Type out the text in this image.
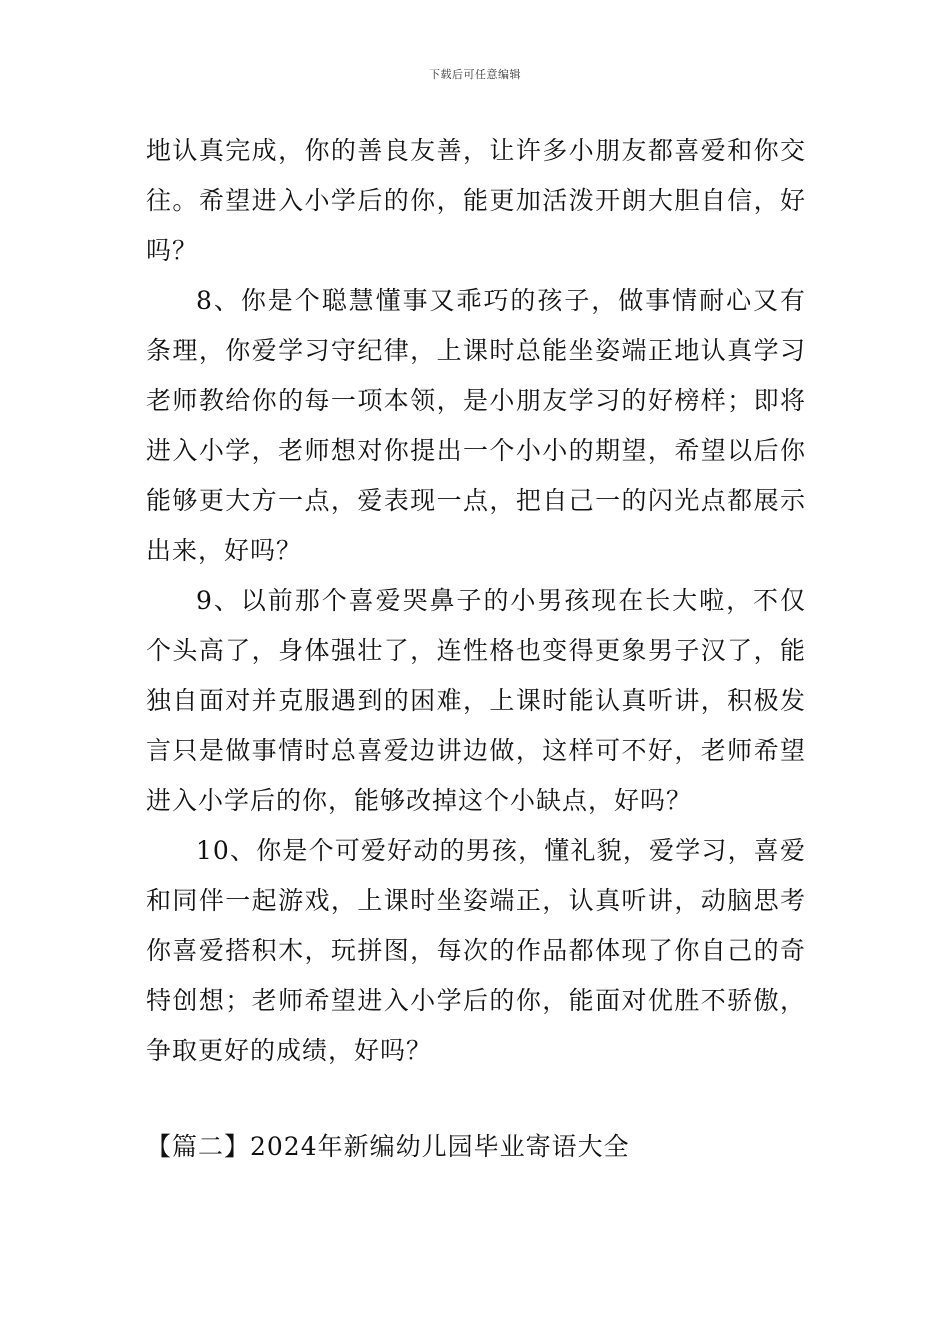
下载后可任意编辑

地认真完成，你的善良友善，让许多小朋友都喜爱和你交往。希望进入小学后的你，能更加活泼开朗大胆自信，好吗？

8、你是个聪慧懂事又乖巧的孩子，做事情耐心又有条理，你爱学习守纪律，上课时总能坐姿端正地认真学习老师教给你的每一项本领，是小朋友学习的好榜样；即将进入小学，老师想对你提出一个小小的期望，希望以后你能够更大方一点，爱表现一点，把自己一的闪光点都展示出来，好吗？

9、以前那个喜爱哭鼻子的小男孩现在长大啦，不仅个头高了，身体强壮了，连性格也变得更象男子汉了，能独自面对并克服遇到的困难，上课时能认真听讲，积极发言只是做事情时总喜爱边讲边做，这样可不好，老师希望进入小学后的你，能够改掉这个小缺点，好吗？

10、你是个可爱好动的男孩，懂礼貌，爱学习，喜爱和同伴一起游戏，上课时坐姿端正，认真听讲，动脑思考你喜爱搭积木，玩拼图，每次的作品都体现了你自己的奇特创想；老师希望进入小学后的你，能面对优胜不骄傲，争取更好的成绩，好吗？

【篇二】2024年新编幼儿园毕业寄语大全
